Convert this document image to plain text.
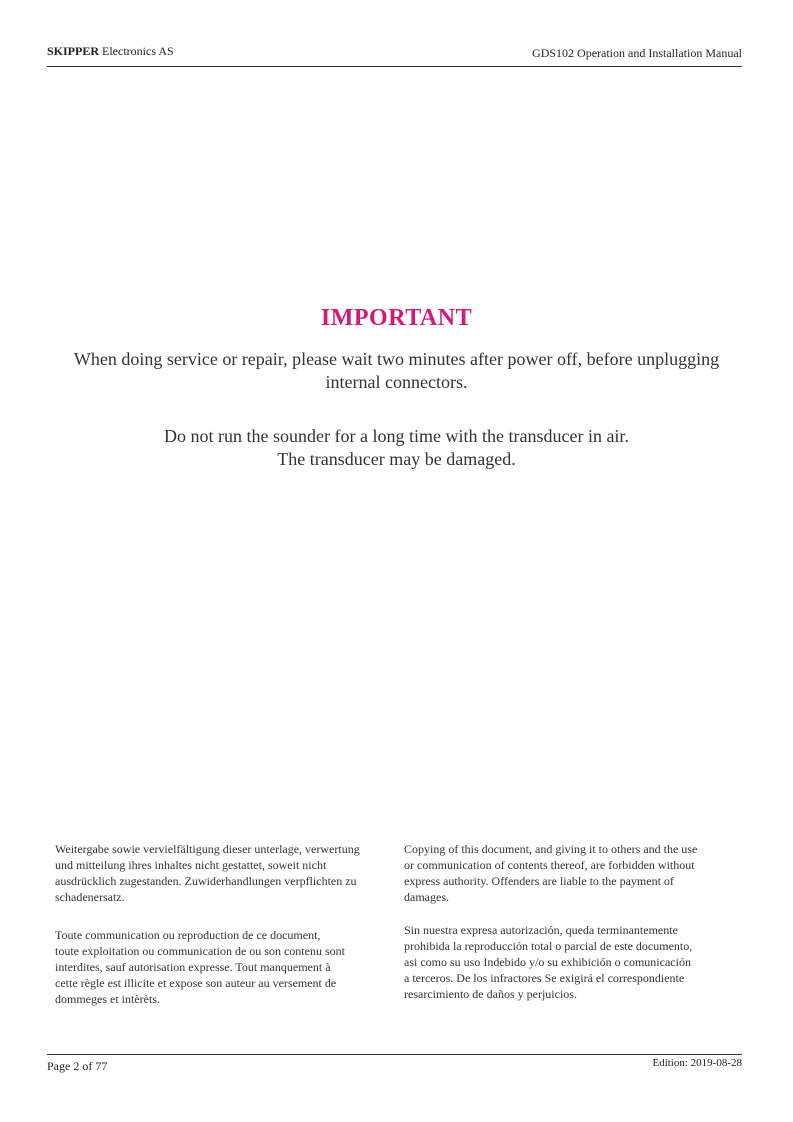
SKIPPER Electronics AS	GDS102 Operation and Installation Manual
IMPORTANT
When doing service or repair, please wait two minutes after power off, before unplugging
internal connectors.
Do not run the sounder for a long time with the transducer in air.
The transducer may be damaged.
Weitergabe sowie vervielfältigung dieser unterlage, verwertung
und mitteilung ihres inhaltes nicht gestattet, soweit nicht
ausdrücklich zugestanden. Zuwiderhandlungen verpflichten zu
schadenersatz.
Copying of this document, and giving it to others and the use
or communication of contents thereof, are forbidden without
express authority. Offenders are liable to the payment of
damages.
Toute communication ou reproduction de ce document,
toute exploitation ou communication de ou son contenu sont
interdites, sauf autorisation expresse. Tout manquement à
cette règle est illicite et expose son auteur au versement de
dommeges et intèrèts.
Sin nuestra expresa autorización, queda terminantemente
prohibida la reproducción total o parcial de este documento,
asi como su uso Indebido y/o su exhibición o comunicación
a terceros. De los infractores Se exigirá el correspondiente
resarcimiento de daños y perjuicios.
Page 2 of 77	Edition: 2019-08-28
